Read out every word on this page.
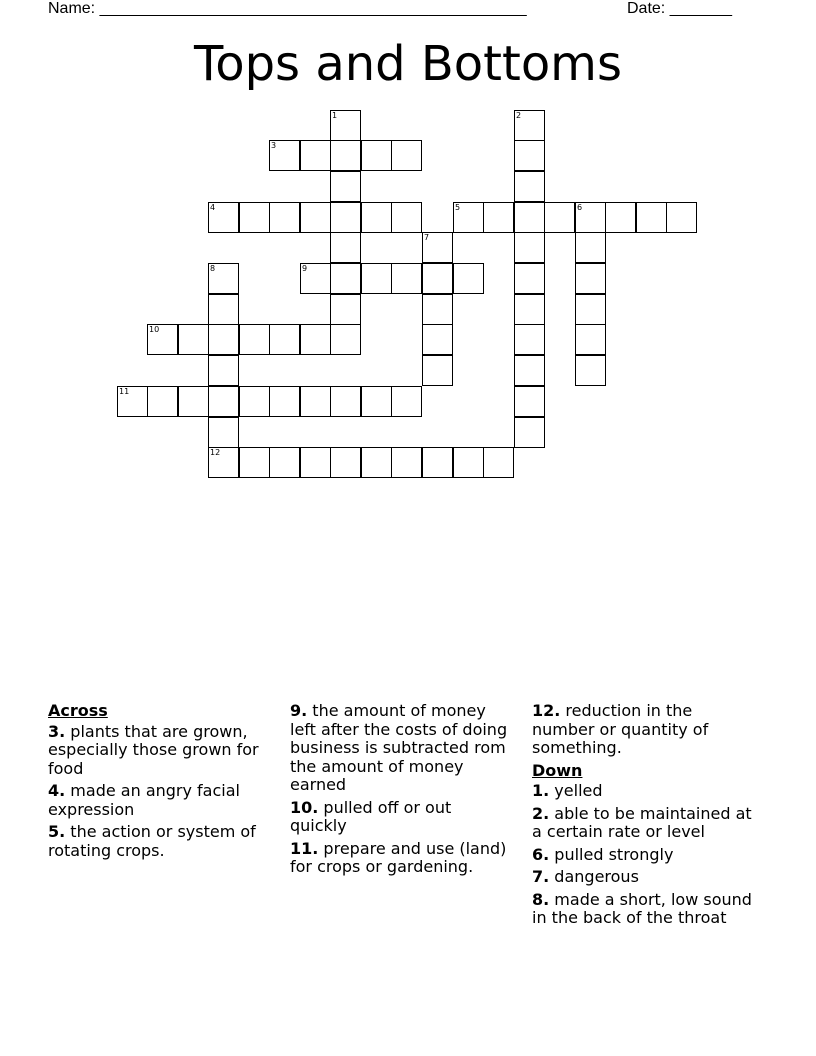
Name: ________________________________________________	Date: _______
Tops and Bottoms
1	2
3
4	5	6
7
8	9
10
11
12
Across
3. plants that are grown, especially those grown for food
4. made an angry facial expression
5. the action or system of rotating crops.
9. the amount of money left after the costs of doing business is subtracted rom the amount of money earned
10. pulled off or out quickly
11. prepare and use (land) for crops or gardening.
12. reduction in the number or quantity of something.
Down
1. yelled
2. able to be maintained at a certain rate or level
6. pulled strongly
7. dangerous
8. made a short, low sound in the back of the throat
